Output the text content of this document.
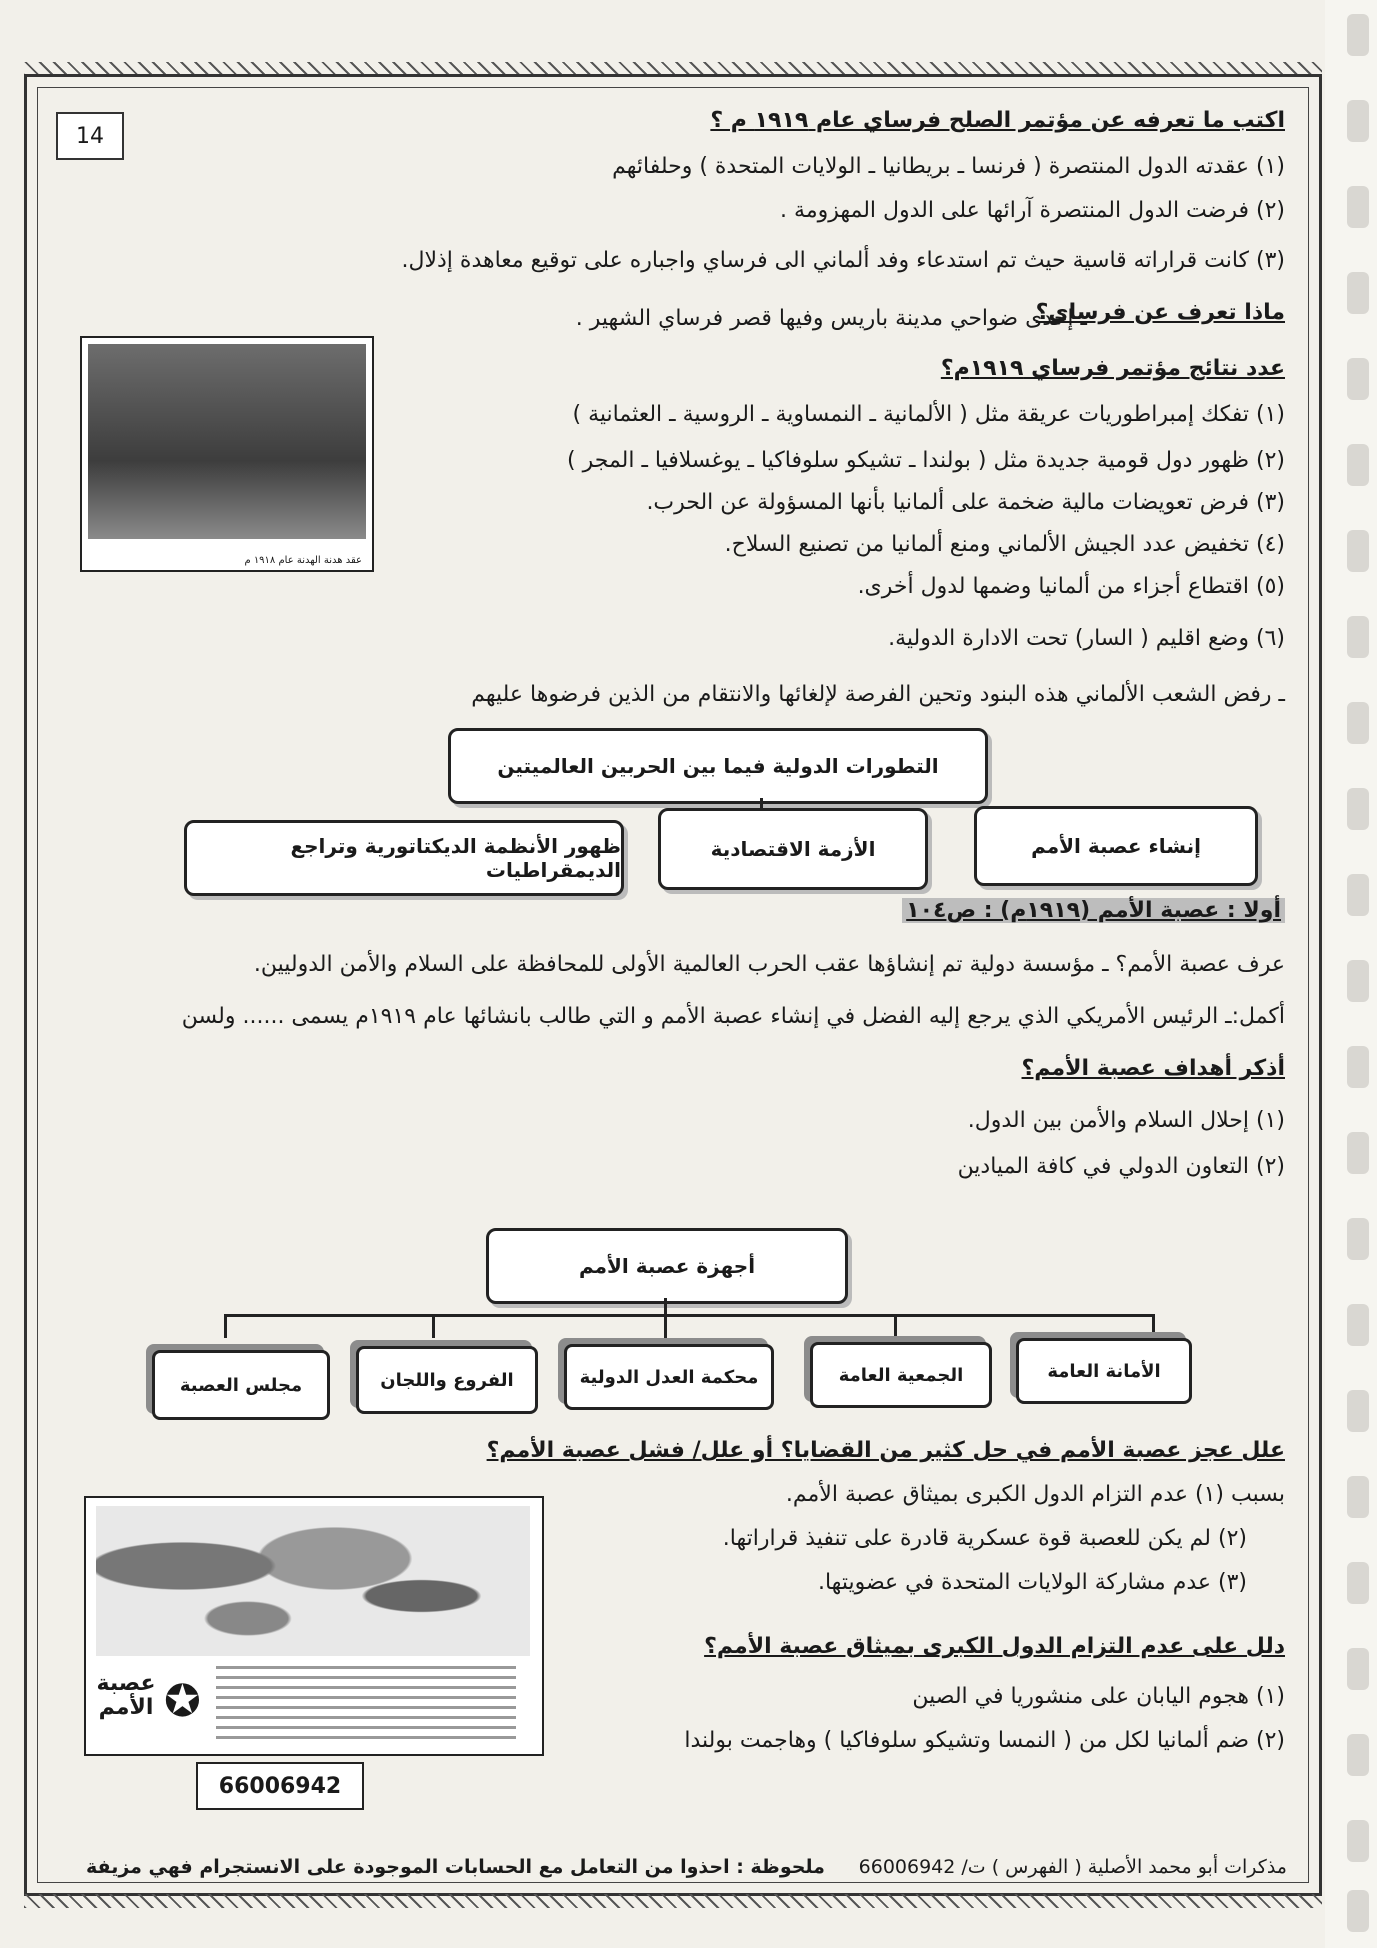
14
اكتب ما تعرفه عن مؤتمر الصلح فرساي عام ١٩١٩ م ؟
(١) عقدته الدول المنتصرة ( فرنسا ـ بريطانيا ـ الولايات المتحدة ) وحلفائهم
(٢) فرضت الدول المنتصرة آرائها على الدول المهزومة .
(٣) كانت قراراته قاسية حيث تم استدعاء وفد ألماني الى فرساي واجباره على توقيع معاهدة إذلال.
ماذا تعرف عن فرساي؟
ـ إحدى ضواحي مدينة باريس وفيها قصر فرساي الشهير .
عقد هدنة الهدنة عام ١٩١٨ م
عدد نتائج مؤتمر فرساي ١٩١٩م؟
(١) تفكك إمبراطوريات عريقة مثل ( الألمانية ـ النمساوية ـ الروسية ـ العثمانية )
(٢) ظهور دول قومية جديدة مثل ( بولندا ـ تشيكو سلوفاكيا ـ يوغسلافيا ـ المجر )
(٣) فرض تعويضات مالية ضخمة على ألمانيا بأنها المسؤولة عن الحرب.
(٤) تخفيض عدد الجيش الألماني ومنع ألمانيا من تصنيع السلاح.
(٥) اقتطاع أجزاء من ألمانيا وضمها لدول أخرى.
(٦) وضع اقليم ( السار) تحت الادارة الدولية.
ـ رفض الشعب الألماني هذه البنود وتحين الفرصة لإلغائها والانتقام من الذين فرضوها عليهم
التطورات الدولية فيما بين الحربين العالميتين
إنشاء عصبة الأمم
الأزمة الاقتصادية
ظهور الأنظمة الديكتاتورية وتراجع الديمقراطيات
أولا : عصبة الأمم (١٩١٩م) : ص١٠٤
عرف عصبة الأمم؟ ـ مؤسسة دولية تم إنشاؤها عقب الحرب العالمية الأولى للمحافظة على السلام والأمن الدوليين.
أكمل:ـ الرئيس الأمريكي الذي يرجع إليه الفضل في إنشاء عصبة الأمم و التي طالب بانشائها عام ١٩١٩م يسمى ...... ولسن
أذكر أهداف عصبة الأمم؟
(١) إحلال السلام والأمن بين الدول.
(٢) التعاون الدولي في كافة الميادين
أجهزة عصبة الأمم
الأمانة العامة
الجمعية العامة
محكمة العدل الدولية
الفروع واللجان
مجلس العصبة
علل عجز عصبة الأمم في حل كثير من القضايا؟ أو علل/ فشل عصبة الأمم؟
بسبب (١) عدم التزام الدول الكبرى بميثاق عصبة الأمم.
(٢) لم يكن للعصبة قوة عسكرية قادرة على تنفيذ قراراتها.
(٣) عدم مشاركة الولايات المتحدة في عضويتها.
دلل على عدم التزام الدول الكبرى بميثاق عصبة الأمم؟
(١) هجوم اليابان على منشوريا في الصين
(٢) ضم ألمانيا لكل من ( النمسا وتشيكو سلوفاكيا ) وهاجمت بولندا
عصبة الأمم ✪
66006942
مذكرات أبو محمد الأصلية ( الفهرس ) ت/ 66006942
ملحوظة : احذوا من التعامل مع الحسابات الموجودة على الانستجرام فهي مزيفة
